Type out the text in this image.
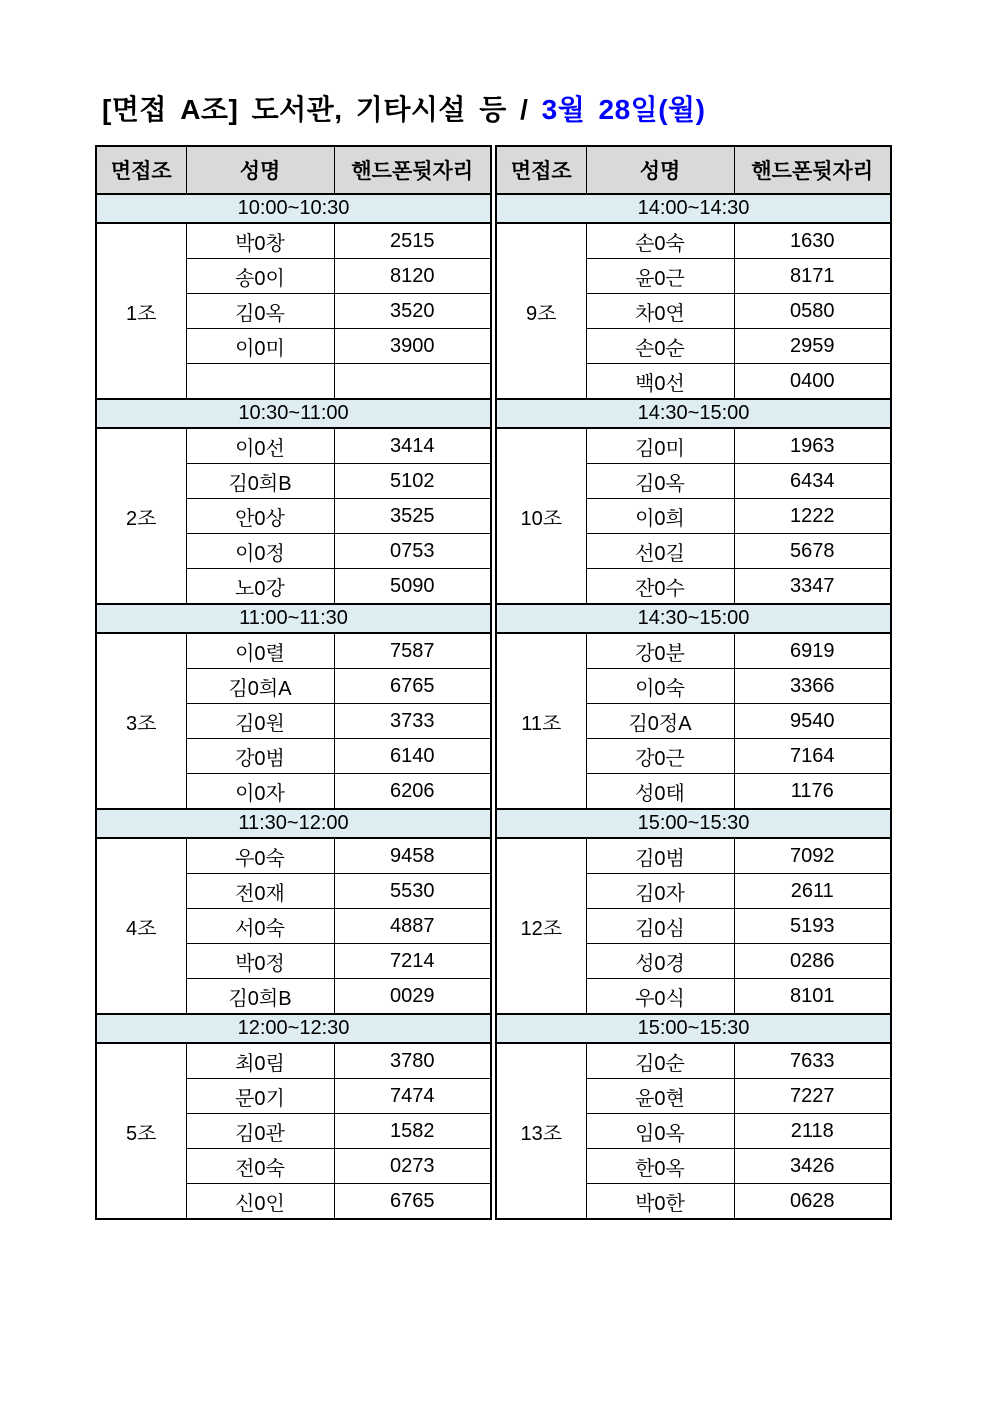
[면접 A조] 도서관, 기타시설 등 / 3월 28일(월)
면접조	성명	핸드폰뒷자리
10:00~10:30		
1조	박0창	2515
	송0이	8120
	김0옥	3520
	이0미	3900

10:30~11:00		
2조	이0선	3414
	김0희B	5102
	안0상	3525
	이0정	0753
	노0강	5090
11:00~11:30		
3조	이0렬	7587
	김0희A	6765
	김0원	3733
	강0범	6140
	이0자	6206
11:30~12:00		
4조	우0숙	9458
	전0재	5530
	서0숙	4887
	박0정	7214
	김0희B	0029
12:00~12:30		
5조	최0림	3780
	문0기	7474
	김0관	1582
	전0숙	0273
	신0인	6765
면접조	성명	핸드폰뒷자리
14:00~14:30		
9조	손0숙	1630
	윤0근	8171
	차0연	0580
	손0순	2959
	백0선	0400
14:30~15:00		
10조	김0미	1963
	김0옥	6434
	이0희	1222
	선0길	5678
	잔0수	3347
14:30~15:00		
11조	강0분	6919
	이0숙	3366
	김0정A	9540
	강0근	7164
	성0태	1176
15:00~15:30		
12조	김0범	7092
	김0자	2611
	김0심	5193
	성0경	0286
	우0식	8101
15:00~15:30		
13조	김0순	7633
	윤0현	7227
	임0옥	2118
	한0옥	3426
	박0한	0628
